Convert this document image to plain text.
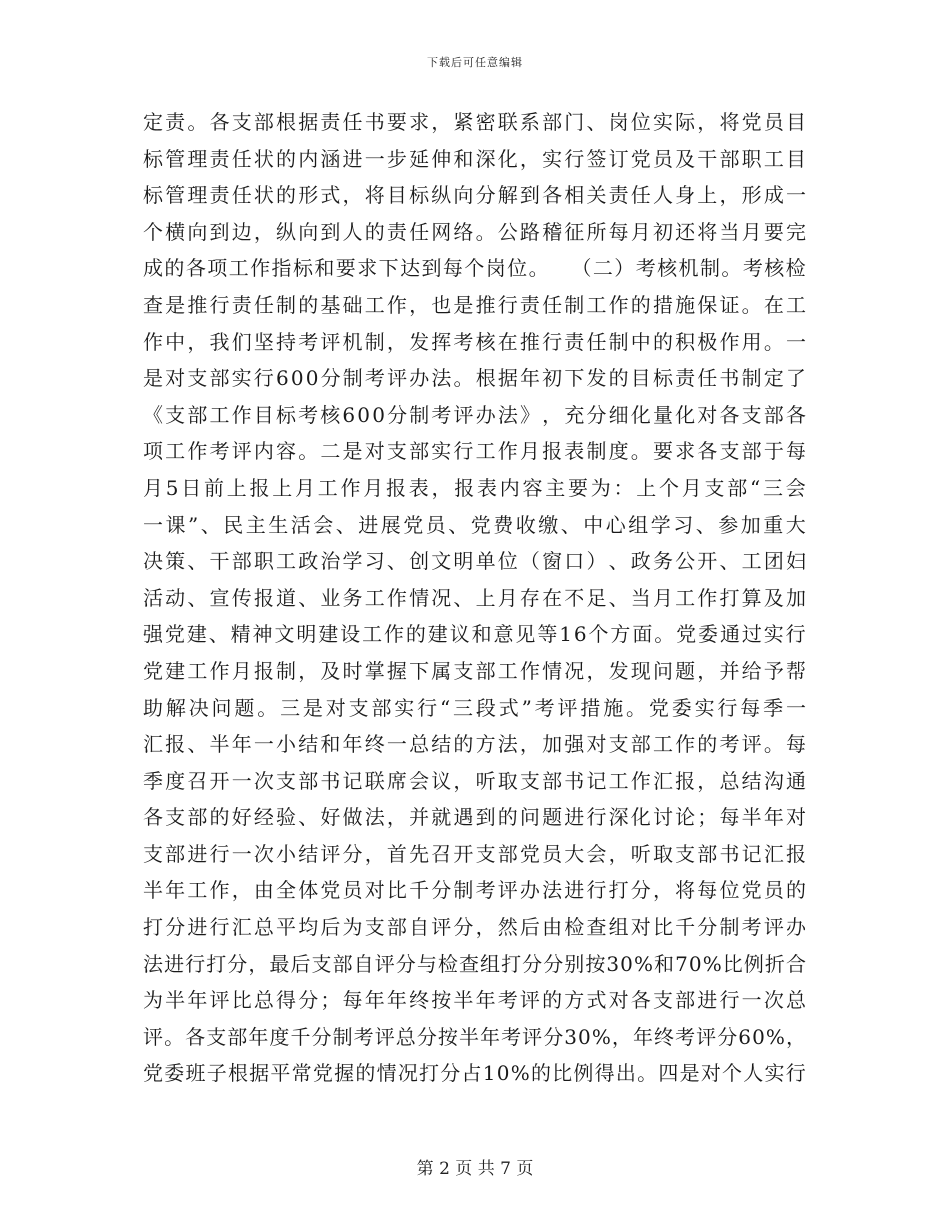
下载后可任意编辑
定 责 。 各 支 部 根 据 责 任 书 要 求 ， 紧 密 联 系 部 门 、 岗 位 实 际 ， 将 党 员 目
标 管 理 责 任 状 的 内 涵 进 一 步 延 伸 和 深 化 ， 实 行 签 订 党 员 及 干 部 职 工 目
标 管 理 责 任 状 的 形 式 ， 将 目 标 纵 向 分 解 到 各 相 关 责 任 人 身 上 ， 形 成 一
个 横 向 到 边 ， 纵 向 到 人 的 责 任 网 络 。 公 路 稽 征 所 每 月 初 还 将 当 月 要 完
成 的 各 项 工 作 指 标 和 要 求 下 达 到 每 个 岗 位 。
　 （ 二 ） 考 核 机 制 。 考 核 检
查 是 推 行 责 任 制 的 基 础 工 作 ， 也 是 推 行 责 任 制 工 作 的 措 施 保 证 。 在 工
作 中 ， 我 们 坚 持 考 评 机 制 ， 发 挥 考 核 在 推 行 责 任 制 中 的 积 极 作 用 。 一
是 对 支 部 实 行 6 0 0 分 制 考 评 办 法 。 根 据 年 初 下 发 的 目 标 责 任 书 制 定 了
《 支 部 工 作 目 标 考 核 6 0 0 分 制 考 评 办 法 》 ， 充 分 细 化 量 化 对 各 支 部 各
项 工 作 考 评 内 容 。 二 是 对 支 部 实 行 工 作 月 报 表 制 度 。 要 求 各 支 部 于 每
月 5 日 前 上 报 上 月 工 作 月 报 表 ， 报 表 内 容 主 要 为 ： 上 个 月 支 部 “ 三 会
一 课 ” 、 民 主 生 活 会 、 进 展 党 员 、 党 费 收 缴 、 中 心 组 学 习 、 参 加 重 大
决 策 、 干 部 职 工 政 治 学 习 、 创 文 明 单 位 （ 窗 口 ） 、 政 务 公 开 、 工 团 妇
活 动 、 宣 传 报 道 、 业 务 工 作 情 况 、 上 月 存 在 不 足 、 当 月 工 作 打 算 及 加
强 党 建 、 精 神 文 明 建 设 工 作 的 建 议 和 意 见 等 1 6 个 方 面 。 党 委 通 过 实 行
党 建 工 作 月 报 制 ， 及 时 掌 握 下 属 支 部 工 作 情 况 ， 发 现 问 题 ， 并 给 予 帮
助 解 决 问 题 。 三 是 对 支 部 实 行 “ 三 段 式 ” 考 评 措 施 。 党 委 实 行 每 季 一
汇 报 、 半 年 一 小 结 和 年 终 一 总 结 的 方 法 ， 加 强 对 支 部 工 作 的 考 评 。 每
季 度 召 开 一 次 支 部 书 记 联 席 会 议 ， 听 取 支 部 书 记 工 作 汇 报 ， 总 结 沟 通
各 支 部 的 好 经 验 、 好 做 法 ， 并 就 遇 到 的 问 题 进 行 深 化 讨 论 ； 每 半 年 对
支 部 进 行 一 次 小 结 评 分 ， 首 先 召 开 支 部 党 员 大 会 ， 听 取 支 部 书 记 汇 报
半 年 工 作 ， 由 全 体 党 员 对 比 千 分 制 考 评 办 法 进 行 打 分 ， 将 每 位 党 员 的
打 分 进 行 汇 总 平 均 后 为 支 部 自 评 分 ， 然 后 由 检 查 组 对 比 千 分 制 考 评 办
法 进 行 打 分 ， 最 后 支 部 自 评 分 与 检 查 组 打 分 分 别 按 3 0 % 和 7 0 % 比 例 折 合
为 半 年 评 比 总 得 分 ； 每 年 年 终 按 半 年 考 评 的 方 式 对 各 支 部 进 行 一 次 总
评 。 各 支 部 年 度 千 分 制 考 评 总 分 按 半 年 考 评 分 3 0 % ， 年 终 考 评 分 6 0 % ，
党 委 班 子 根 据 平 常 党 握 的 情 况 打 分 占 1 0 % 的 比 例 得 出 。 四 是 对 个 人 实 行
第 2 页 共 7 页
